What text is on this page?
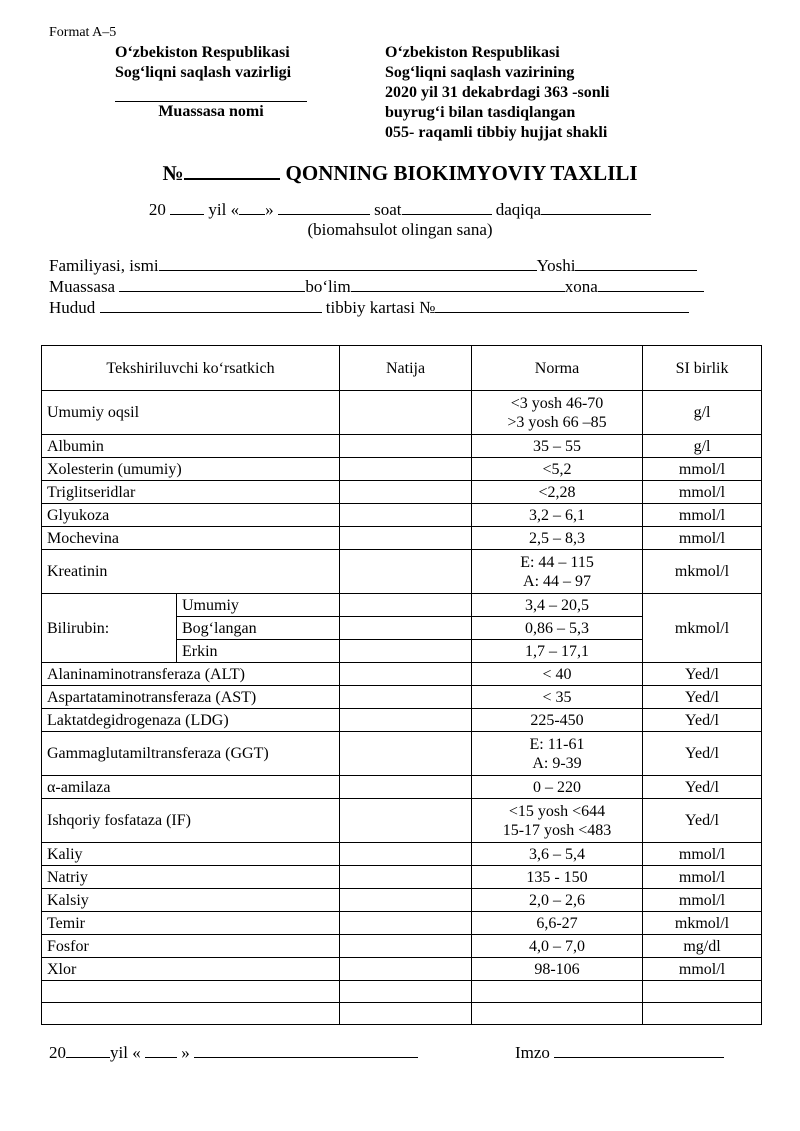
Format A–5
O‘zbekiston Respublikasi
Sog‘liqni saqlash vazirligi
Muassasa nomi
O‘zbekiston Respublikasi
Sog‘liqni saqlash vazirining
2020 yil 31 dekabrdagi 363 -sonli
buyrug‘i bilan tasdiqlangan
055- raqamli tibbiy hujjat shakli
№	QONNING BIOKIMYOVIY TAXLILI
20	yil « »	soat	daqiqa
(biomahsulot olingan sana)
Familiyasi, ismi	Yoshi
Muassasa	bo‘lim	xona
Hudud	tibbiy kartasi №
Tekshiriluvchi ko‘rsatkich		Natija	Norma	SI birlik
Umumiy oqsil			<3 yosh 46-70
>3 yosh 66 –85	g/l
Albumin			35 – 55	g/l
Xolesterin (umumiy)			<5,2	mmol/l
Triglitseridlar			<2,28	mmol/l
Glyukoza			3,2 – 6,1	mmol/l
Mochevina			2,5 – 8,3	mmol/l
Kreatinin			E: 44 – 115
A: 44 – 97	mkmol/l
Bilirubin:	Umumiy		3,4 – 20,5	mkmol/l
	Bog‘langan		0,86 – 5,3	
	Erkin		1,7 – 17,1	
Alaninaminotransferaza (ALT)			< 40	Yed/l
Aspartataminotransferaza (AST)			< 35	Yed/l
Laktatdegidrogenaza (LDG)			225-450	Yed/l
Gammaglutamiltransferaza (GGT)			E: 11-61
A: 9-39	Yed/l
α-amilaza			0 – 220	Yed/l
Ishqoriy fosfataza (IF)			<15 yosh <644
15-17 yosh <483	Yed/l
Kaliy			3,6 – 5,4	mmol/l
Natriy			135 - 150	mmol/l
Kalsiy			2,0 – 2,6	mmol/l
Temir			6,6-27	mkmol/l
Fosfor			4,0 – 7,0	mg/dl
Xlor			98-106	mmol/l

20	yil « »	Imzo
